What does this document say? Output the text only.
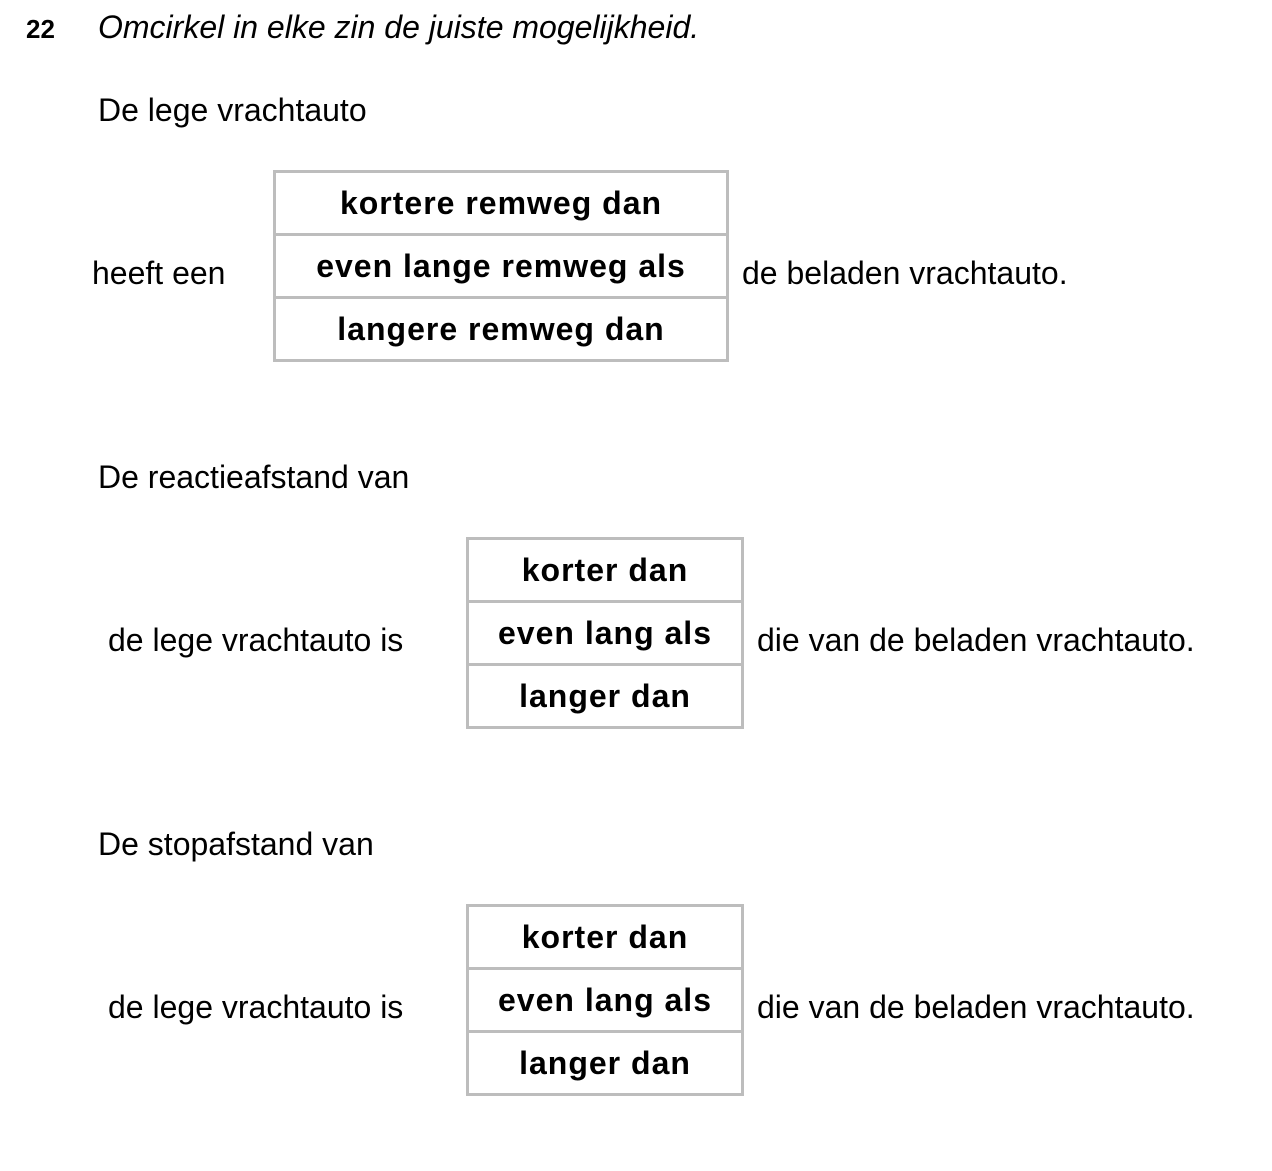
22 Omcirkel in elke zin de juiste mogelijkheid.
De lege vrachtauto
heeft een
kortere remweg dan
even lange remweg als
langere remweg dan
de beladen vrachtauto.
De reactieafstand van
de lege vrachtauto is
korter dan
even lang als
langer dan
die van de beladen vrachtauto.
De stopafstand van
de lege vrachtauto is
korter dan
even lang als
langer dan
die van de beladen vrachtauto.
